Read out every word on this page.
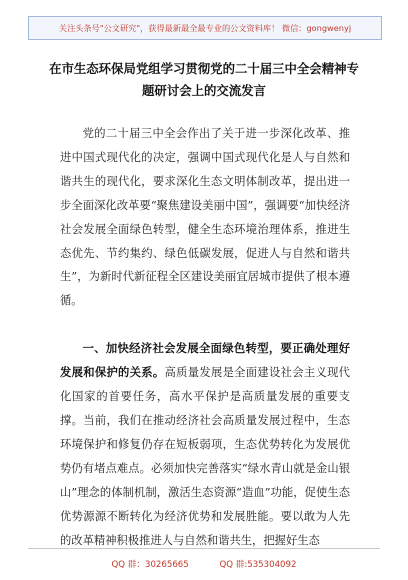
关注头条号"公文研究"，获得最新最全最专业的公文资料库！ 微信：gongwenyj
在市生态环保局党组学习贯彻党的二十届三中全会精神专题研讨会上的交流发言

党的二十届三中全会作出了关于进一步深化改革、推进中国式现代化的决定，强调中国式现代化是人与自然和谐共生的现代化，要求深化生态文明体制改革，提出进一步全面深化改革要“聚焦建设美丽中国”，强调要“加快经济社会发展全面绿色转型，健全生态环境治理体系，推进生态优先、节约集约、绿色低碳发展，促进人与自然和谐共生”，为新时代新征程全区建设美丽宜居城市提供了根本遵循。

一、加快经济社会发展全面绿色转型，要正确处理好发展和保护的关系。高质量发展是全面建设社会主义现代化国家的首要任务，高水平保护是高质量发展的重要支撑。当前，我们在推动经济社会高质量发展过程中，生态环境保护和修复仍存在短板弱项，生态优势转化为发展优势仍有堵点难点。必须加快完善落实“绿水青山就是金山银山”理念的体制机制，激活生态资源“造血”功能，促使生态优势源源不断转化为经济优势和发展胜能。要以敢为人先的改革精神积极推进人与自然和谐共生，把握好生态

QQ 群：30265665	QQ 群:535304092
